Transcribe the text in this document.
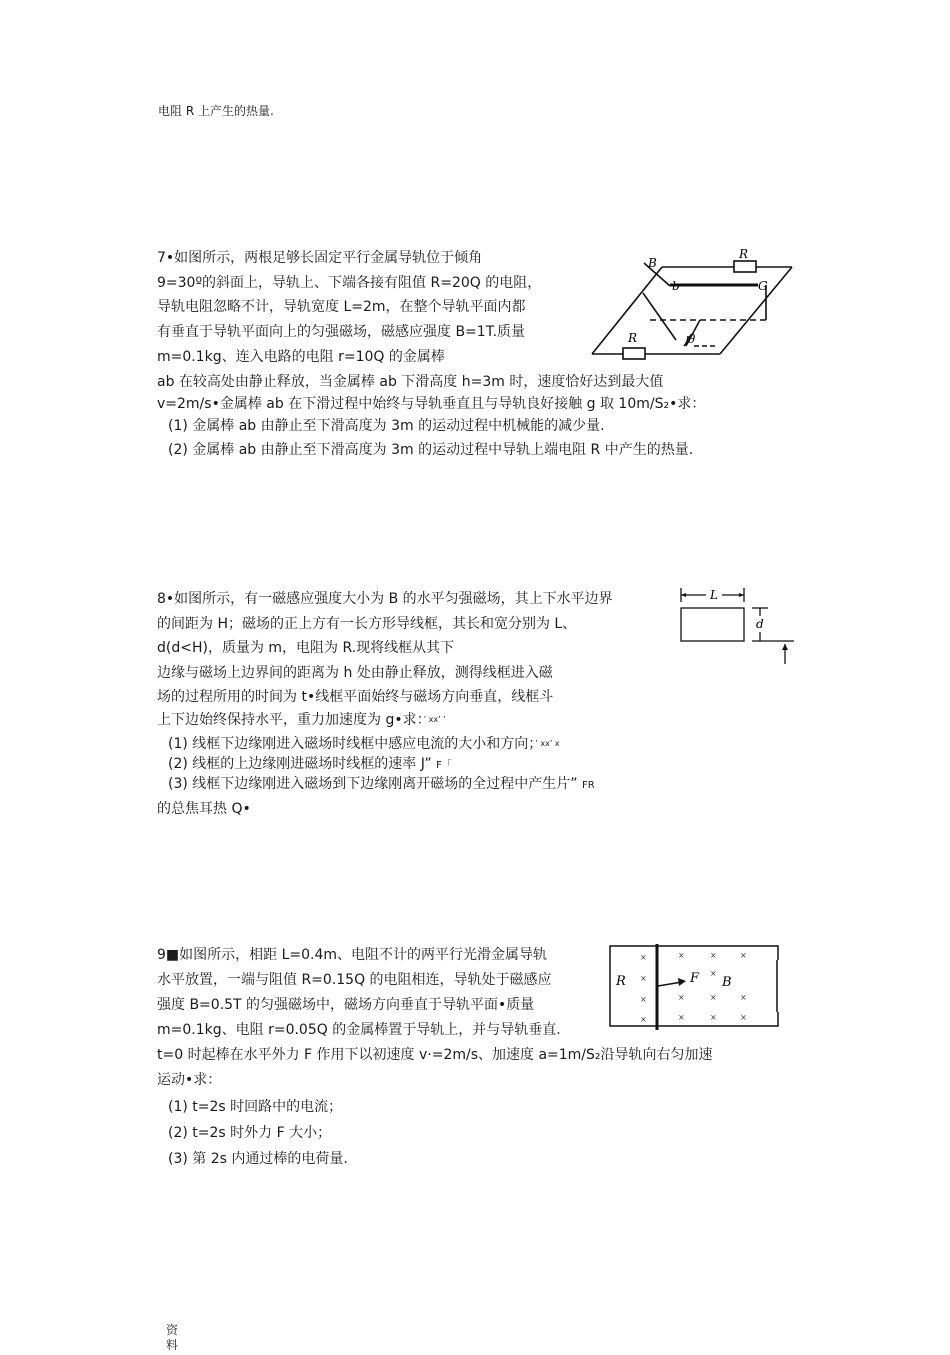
电阻 R 上产生的热量.
7•如图所示，两根足够长固定平行金属导轨位于倾角
9=30º的斜面上，导轨上、下端各接有阻值 R=20Q 的电阻，
导轨电阻忽略不计，导轨宽度 L=2m，在整个导轨平面内都
有垂直于导轨平面向上的匀强磁场，磁感应强度 B=1T.质量
m=0.1kg、连入电路的电阻 r=10Q 的金属棒
ab 在较高处由静止释放，当金属棒 ab 下滑高度 h=3m 时，速度恰好达到最大值
v=2m/s•金属棒 ab 在下滑过程中始终与导轨垂直且与导轨良好接触 g 取 10m/S₂•求：
(1) 金属棒 ab 由静止至下滑高度为 3m 的运动过程中机械能的减少量.
(2) 金属棒 ab 由静止至下滑高度为 3m 的运动过程中导轨上端电阻 R 中产生的热量.
B
b	G
R
R	θ
8•如图所示，有一磁感应强度大小为 B 的水平匀强磁场，其上下水平边界
的间距为 H；磁场的正上方有一长方形导线框，其长和宽分别为 L、
d(d<H)，质量为 m，电阻为 R.现将线框从其下
边缘与磁场上边界间的距离为 h 处由静止释放，测得线框进入磁
场的过程所用的时间为 t•线框平面始终与磁场方向垂直，线框斗
上下边始终保持水平，重力加速度为 g•求：$^{’ xx’ ’}$
(1) 线框下边缘刚进入磁场时线框中感应电流的大小和方向；$^{’ xx’ x}$
(2) 线框的上边缘刚进磁场时线框的速率 J” F「
(3) 线框下边缘刚进入磁场到下边缘刚离开磁场的全过程中产生片” FR
的总焦耳热 Q•
L
d
9■如图所示，相距 L=0.4m、电阻不计的两平行光滑金属导轨
水平放置，一端与阻值 R=0.15Q 的电阻相连，导轨处于磁感应
强度 B=0.5T 的匀强磁场中，磁场方向垂直于导轨平面•质量
m=0.1kg、电阻 r=0.05Q 的金属棒置于导轨上，并与导轨垂直.
t=0 时起棒在水平外力 F 作用下以初速度 v·=2m/s、加速度 a=1m/S₂沿导轨向右匀加速
运动•求：
(1) t=2s 时回路中的电流；
(2) t=2s 时外力 F 大小；
(3) 第 2s 内通过棒的电荷量.
R	F B
×
×
×
×
×	×	×
×
×	×	×
×	×	×
资
料
